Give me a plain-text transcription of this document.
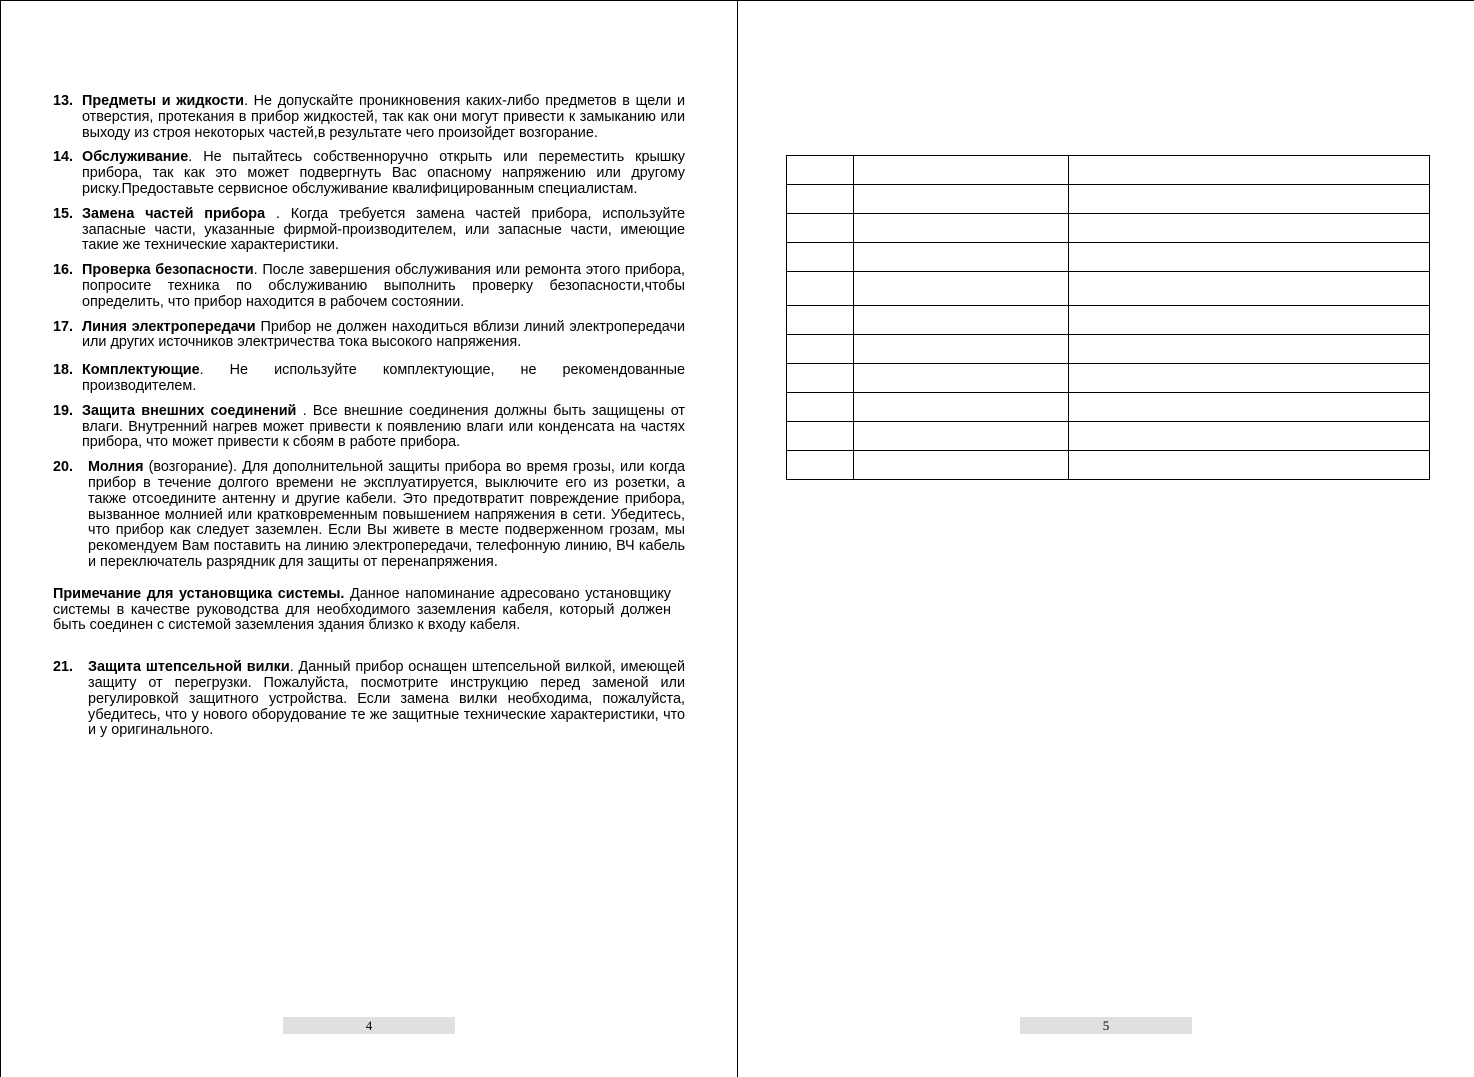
13. Предметы и жидкости. Не допускайте проникновения каких-либо предметов в щели и отверстия, протекания в прибор жидкостей, так как они могут привести к замыканию или выходу из строя некоторых частей,в результате чего произойдет возгорание.
14. Обслуживание. Не пытайтесь собственноручно открыть или переместить крышку прибора, так как это может подвергнуть Вас опасному напряжению или другому риску.Предоставьте сервисное обслуживание квалифицированным специалистам.
15. Замена частей прибора . Когда требуется замена частей прибора, используйте запасные части, указанные фирмой-производителем, или запасные части, имеющие такие же технические характеристики.
16. Проверка безопасности. После завершения обслуживания или ремонта этого прибора, попросите техника по обслуживанию выполнить проверку безопасности,чтобы определить, что прибор находится в рабочем состоянии.
17. Линия электропередачи Прибор не должен находиться вблизи линий электропередачи или других источников электричества тока высокого напряжения.
18. Комплектующие. Не используйте комплектующие, не рекомендованные производителем.
19. Защита внешних соединений . Все внешние соединения должны быть защищены от влаги. Внутренний нагрев может привести к появлению влаги или конденсата на частях прибора, что может привести к сбоям в работе прибора.
20. Молния (возгорание). Для дополнительной защиты прибора во время грозы, или когда прибор в течение долгого времени не эксплуатируется, выключите его из розетки, а также отсоедините антенну и другие кабели. Это предотвратит повреждение прибора, вызванное молнией или кратковременным повышением напряжения в сети. Убедитесь, что прибор как следует заземлен. Если Вы живете в месте подверженном грозам, мы рекомендуем Вам поставить на линию электропередачи, телефонную линию, ВЧ кабель и переключатель разрядник для защиты от перенапряжения.
Примечание для установщика системы. Данное напоминание адресовано установщику системы в качестве руководства для необходимого заземления кабеля, который должен быть соединен с системой заземления здания близко к входу кабеля.
21. Защита штепсельной вилки. Данный прибор оснащен штепсельной вилкой, имеющей защиту от перегрузки. Пожалуйста, посмотрите инструкцию перед заменой или регулировкой защитного устройства. Если замена вилки необходима, пожалуйста, убедитесь, что у нового оборудование те же защитные технические характеристики, что и у оригинального.
4

			5
